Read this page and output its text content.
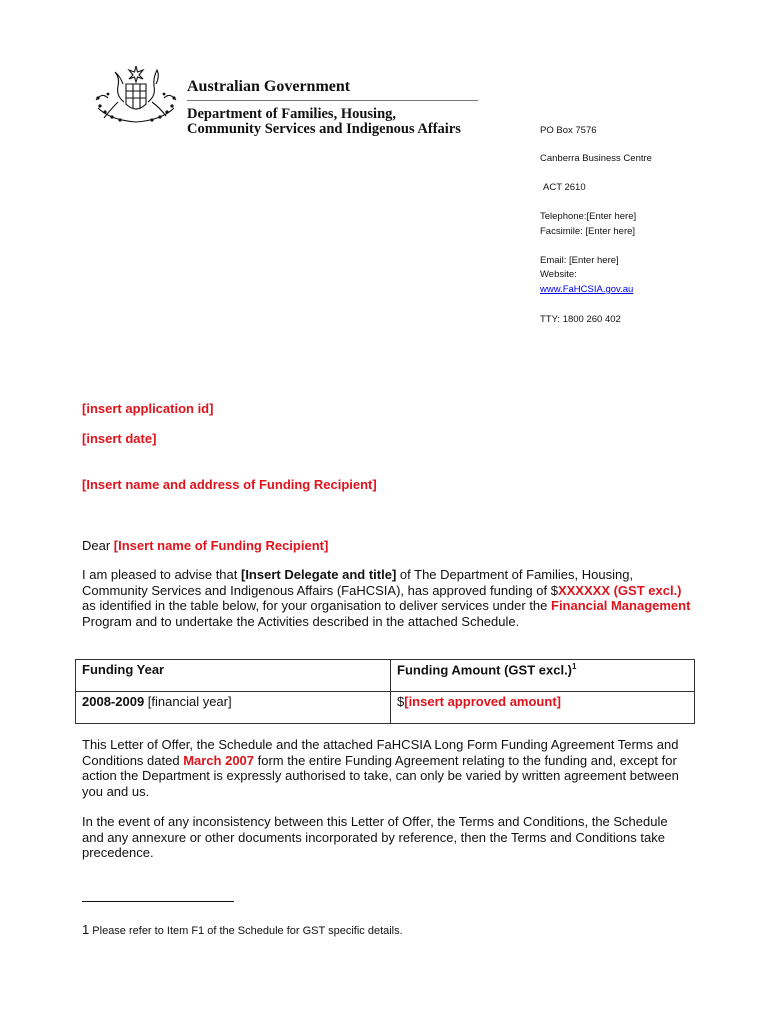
Australian Government
Department of Families, Housing,
Community Services and Indigenous Affairs	PO Box 7576
Canberra Business Centre
ACT 2610
Telephone:[Enter here]
Facsimile: [Enter here]
Email: [Enter here]
Website:
www.FaHCSIA.gov.au
TTY: 1800 260 402
[insert application id]
[insert date]
[Insert name and address of Funding Recipient]
Dear [Insert name of Funding Recipient]
I am pleased to advise that [Insert Delegate and title] of The Department of Families, Housing, Community Services and Indigenous Affairs (FaHCSIA), has approved funding of $XXXXXX (GST excl.) as identified in the table below, for your organisation to deliver services under the Financial Management Program and to undertake the Activities described in the attached Schedule.
Funding Year	Funding Amount (GST excl.)$^1$
2008-2009 [financial year]	$[insert approved amount]
This Letter of Offer, the Schedule and the attached FaHCSIA Long Form Funding Agreement Terms and Conditions dated March 2007 form the entire Funding Agreement relating to the funding and, except for action the Department is expressly authorised to take, can only be varied by written agreement between you and us.
In the event of any inconsistency between this Letter of Offer, the Terms and Conditions, the Schedule and any annexure or other documents incorporated by reference, then the Terms and Conditions take precedence.
1 Please refer to Item F1 of the Schedule for GST specific details.
